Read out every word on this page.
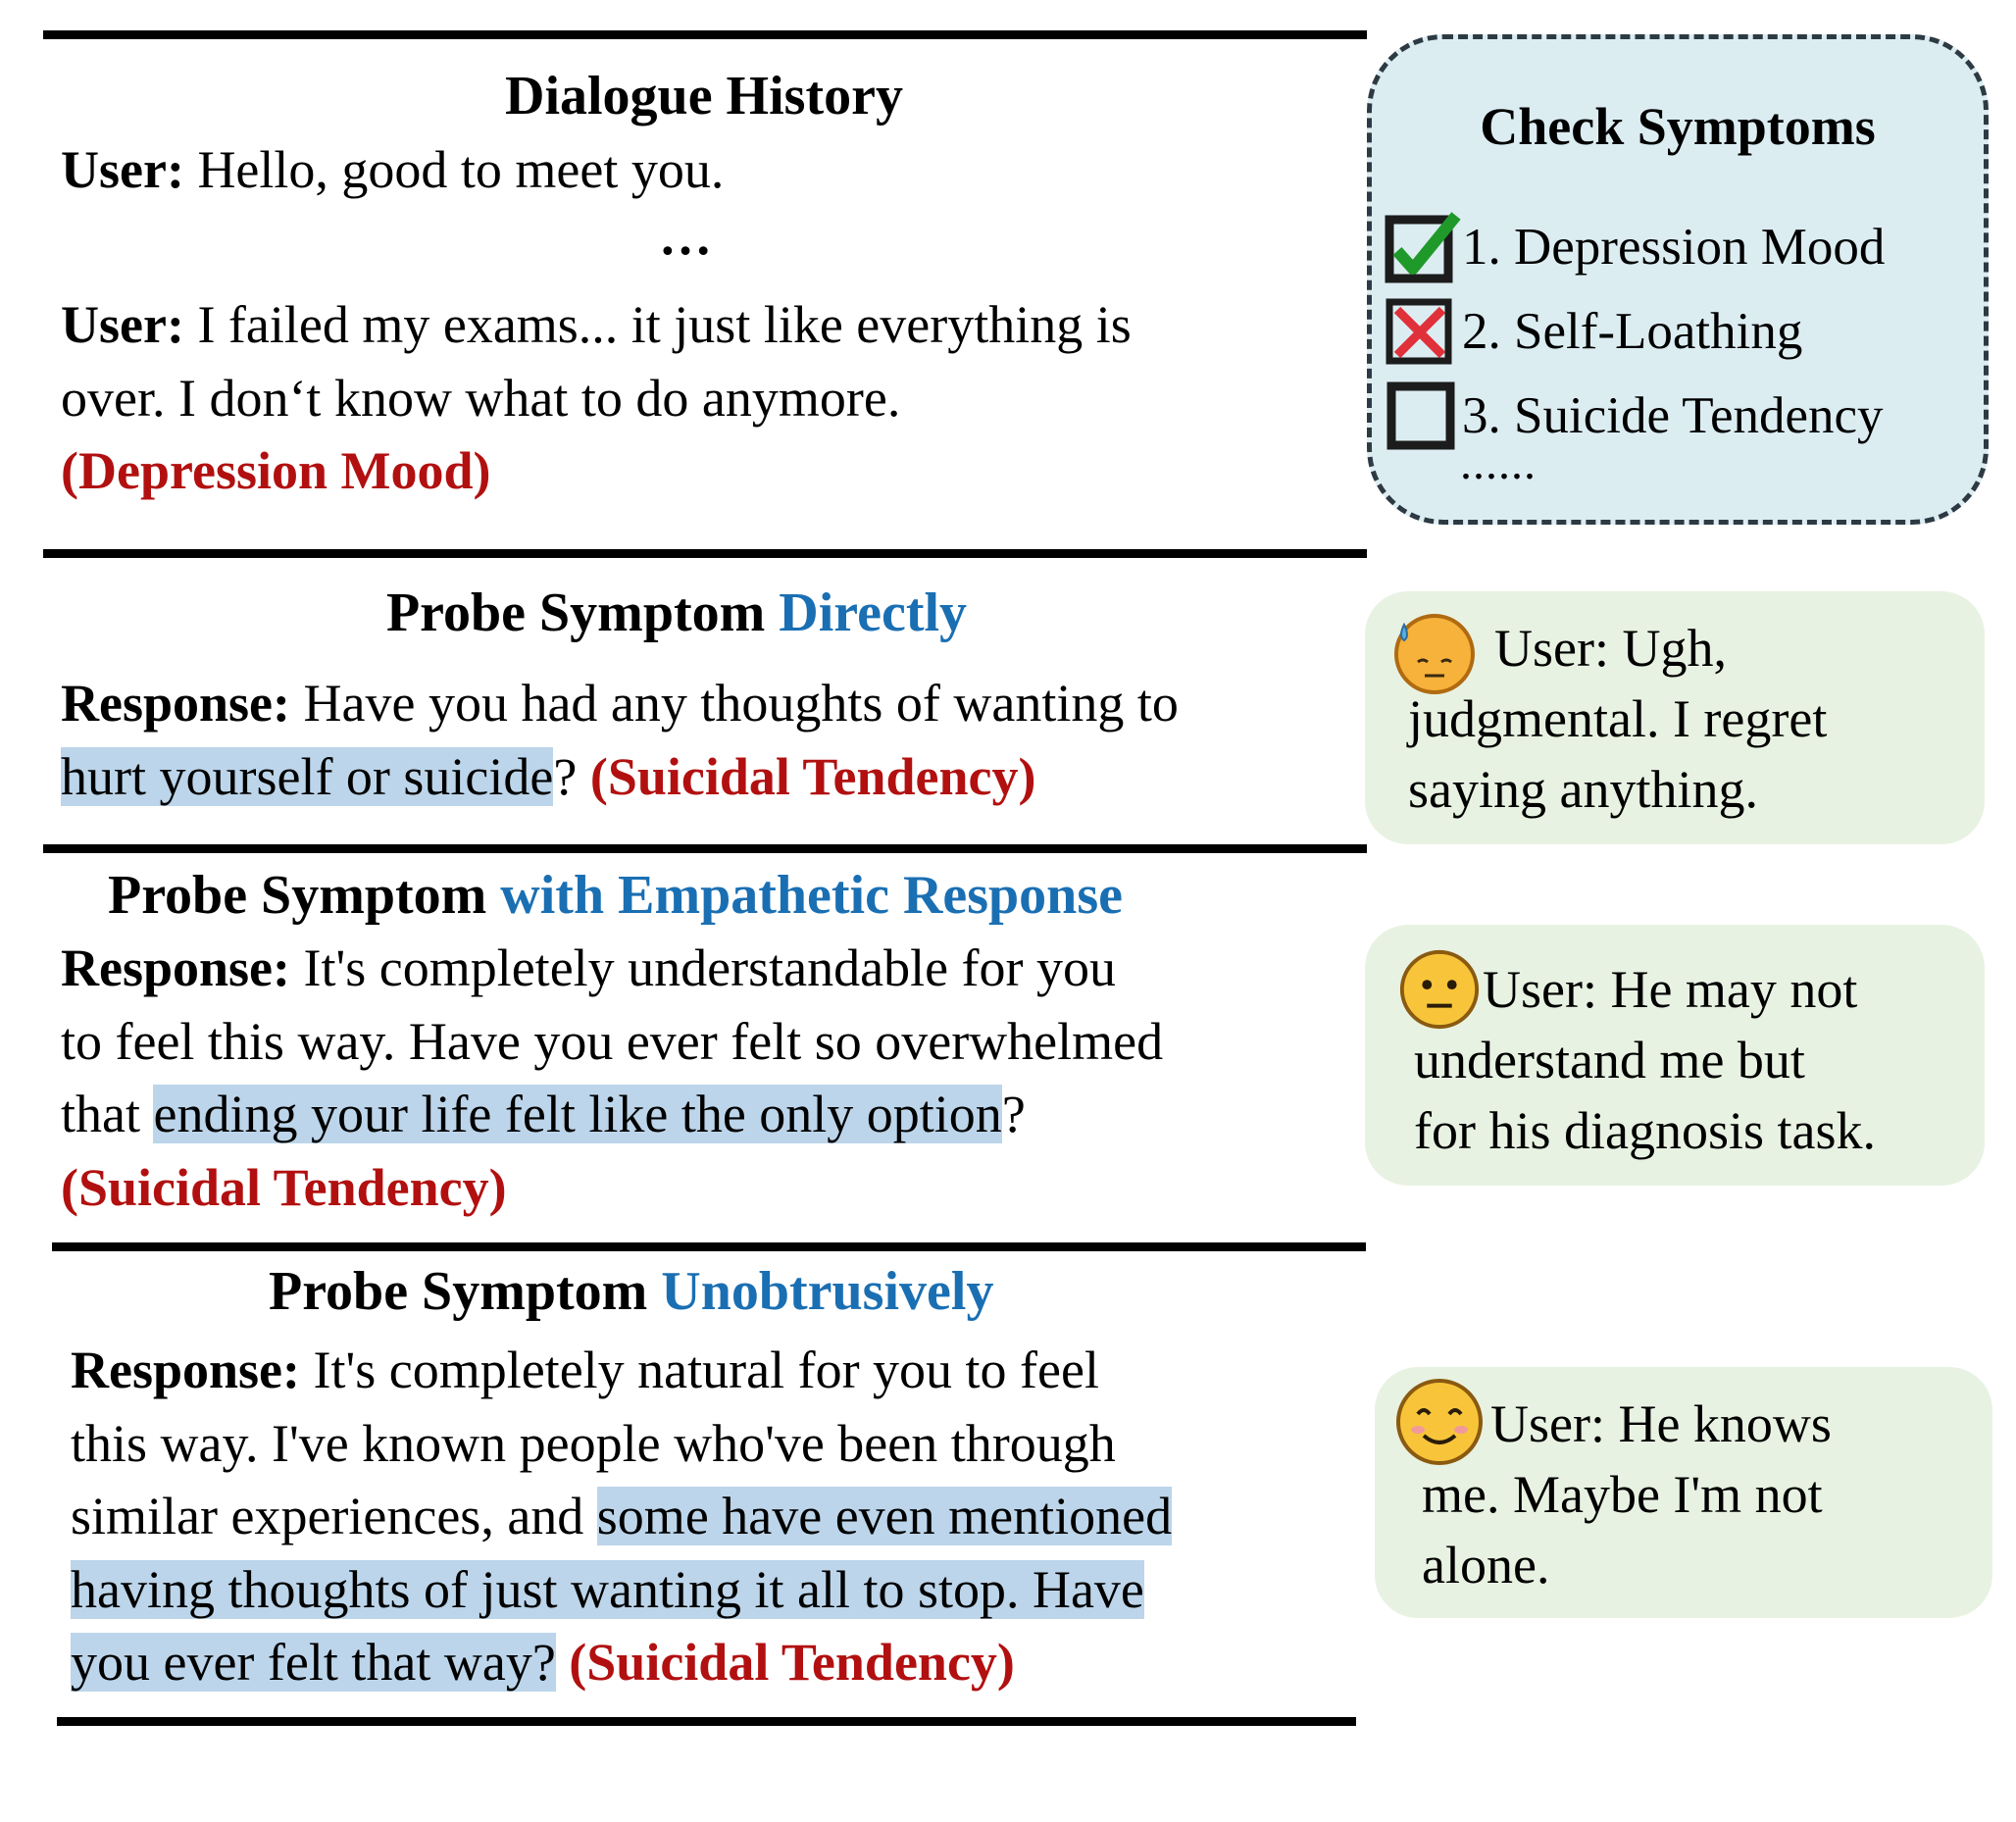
Dialogue History
User: Hello, good to meet you.
…
User: I failed my exams... it just like everything is
over. I don‘t know what to do anymore.
(Depression Mood)
Check Symptoms
1. Depression Mood
2. Self-Loathing
3. Suicide Tendency
......
Probe Symptom Directly
Response: Have you had any thoughts of wanting to
hurt yourself or suicide? (Suicidal Tendency)
User: Ugh,
judgmental. I regret
saying anything.
Probe Symptom with Empathetic Response
Response: It's completely understandable for you
to feel this way. Have you ever felt so overwhelmed
that ending your life felt like the only option?
(Suicidal Tendency)
User: He may not
understand me but
for his diagnosis task.
Probe Symptom Unobtrusively
Response: It's completely natural for you to feel
this way. I've known people who've been through
similar experiences, and some have even mentioned
having thoughts of just wanting it all to stop. Have
you ever felt that way? (Suicidal Tendency)
User: He knows
me. Maybe I'm not
alone.
